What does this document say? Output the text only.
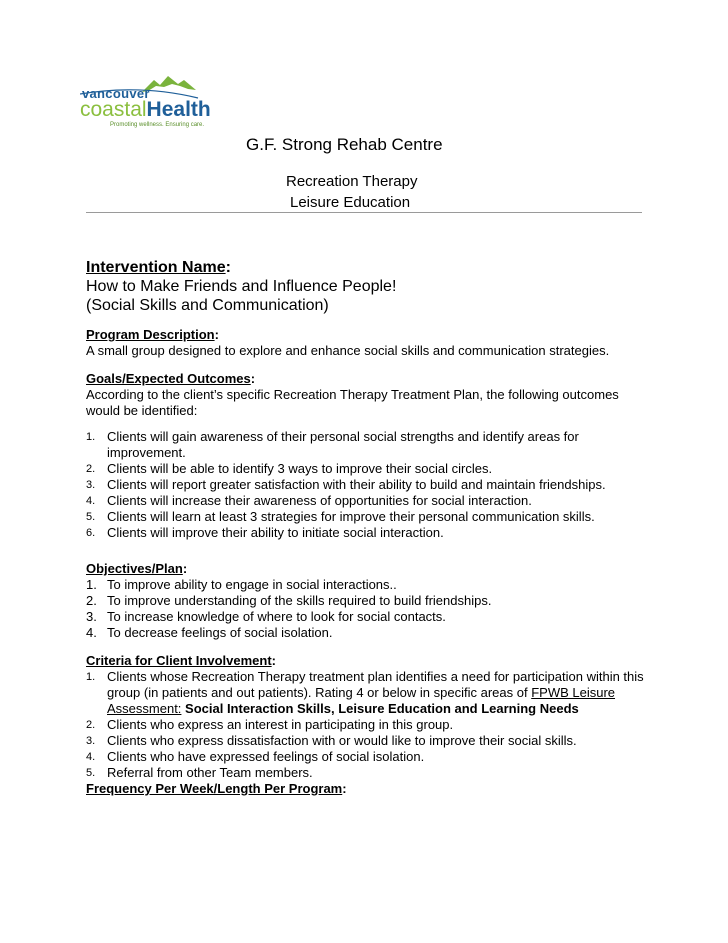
vancouver
coastalHealth
Promoting wellness. Ensuring care.
G.F. Strong Rehab Centre
Recreation Therapy
Leisure Education
Intervention Name:
How to Make Friends and Influence People!
(Social Skills and Communication)
Program Description:
A small group designed to explore and enhance social skills and communication strategies.
Goals/Expected Outcomes:
According to the client’s specific Recreation Therapy Treatment Plan, the following outcomes would be identified:
1. Clients will gain awareness of their personal social strengths and identify areas for improvement.
2. Clients will be able to identify 3 ways to improve their social circles.
3. Clients will report greater satisfaction with their ability to build and maintain friendships.
4. Clients will increase their awareness of opportunities for social interaction.
5. Clients will learn at least 3 strategies for improve their personal communication skills.
6. Clients will improve their ability to initiate social interaction.
Objectives/Plan:
1. To improve ability to engage in social interactions..
2. To improve understanding of the skills required to build friendships.
3. To increase knowledge of where to look for social contacts.
4. To decrease feelings of social isolation.
Criteria for Client Involvement:
1. Clients whose Recreation Therapy treatment plan identifies a need for participation within this group (in patients and out patients). Rating 4 or below in specific areas of FPWB Leisure Assessment: Social Interaction Skills, Leisure Education and Learning Needs
2. Clients who express an interest in participating in this group.
3. Clients who express dissatisfaction with or would like to improve their social skills.
4. Clients who have expressed feelings of social isolation.
5. Referral from other Team members.
Frequency Per Week/Length Per Program:
